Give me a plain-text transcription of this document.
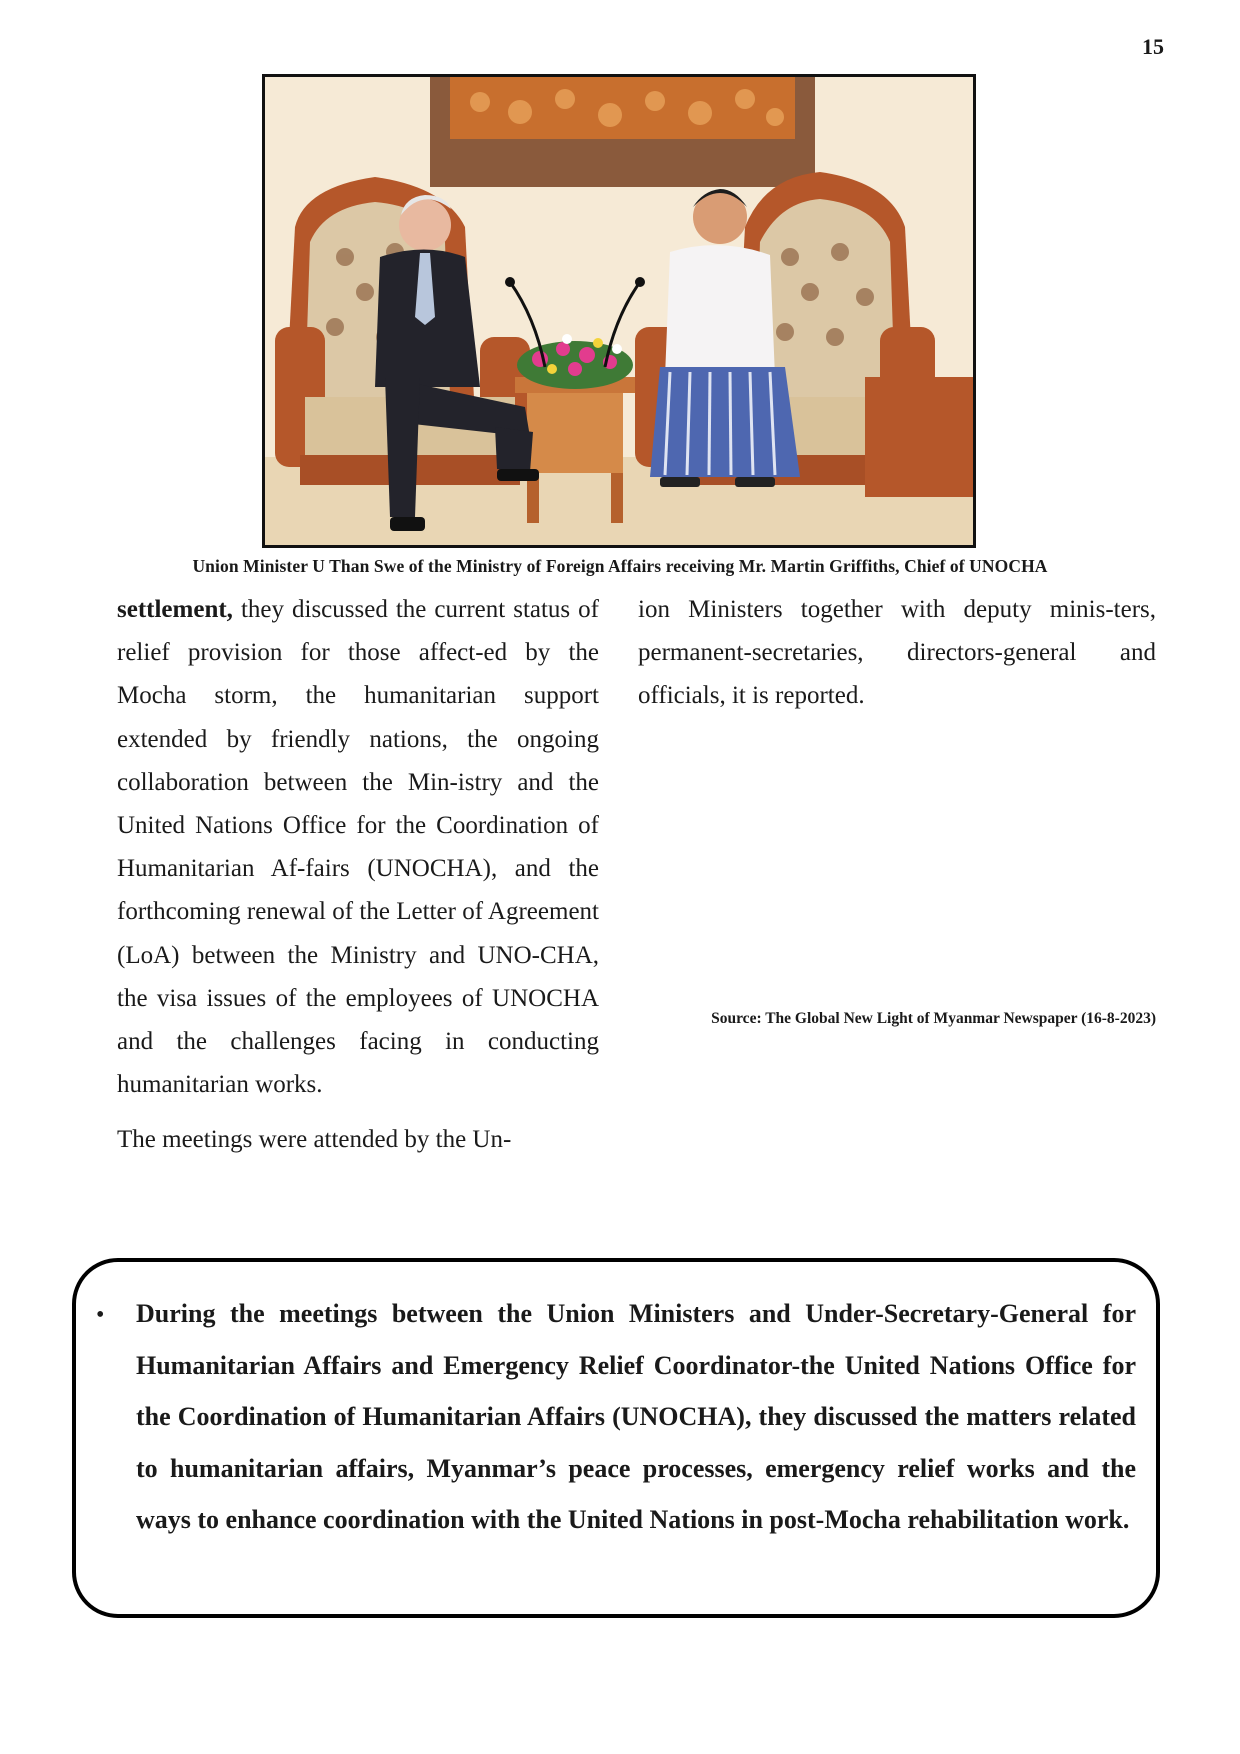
15
Union Minister U Than Swe of the Ministry of Foreign Affairs receiving Mr. Martin Griffiths, Chief of UNOCHA

settlement, they discussed the current status of relief provision for those affect-ed by the Mocha storm, the humanitarian support extended by friendly nations, the ongoing collaboration between the Min-istry and the United Nations Office for the Coordination of Humanitarian Af-fairs (UNOCHA), and the forthcoming renewal of the Letter of Agreement (LoA) between the Ministry and UNO-CHA, the visa issues of the employees of UNOCHA and the challenges facing in conducting humanitarian works.

The meetings were attended by the Un-

ion Ministers together with deputy minis-ters, permanent-secretaries, directors-general and officials, it is reported.

Source: The Global New Light of Myanmar Newspaper (16-8-2023)
• During the meetings between the Union Ministers and Under-Secretary-General for Humanitarian Affairs and Emergency Relief Coordinator-the United Nations Office for the Coordination of Humanitarian Affairs (UNOCHA), they discussed the matters related to humanitarian affairs, Myanmar’s peace processes, emergency relief works and the ways to enhance coordination with the United Nations in post-Mocha rehabilitation work.
